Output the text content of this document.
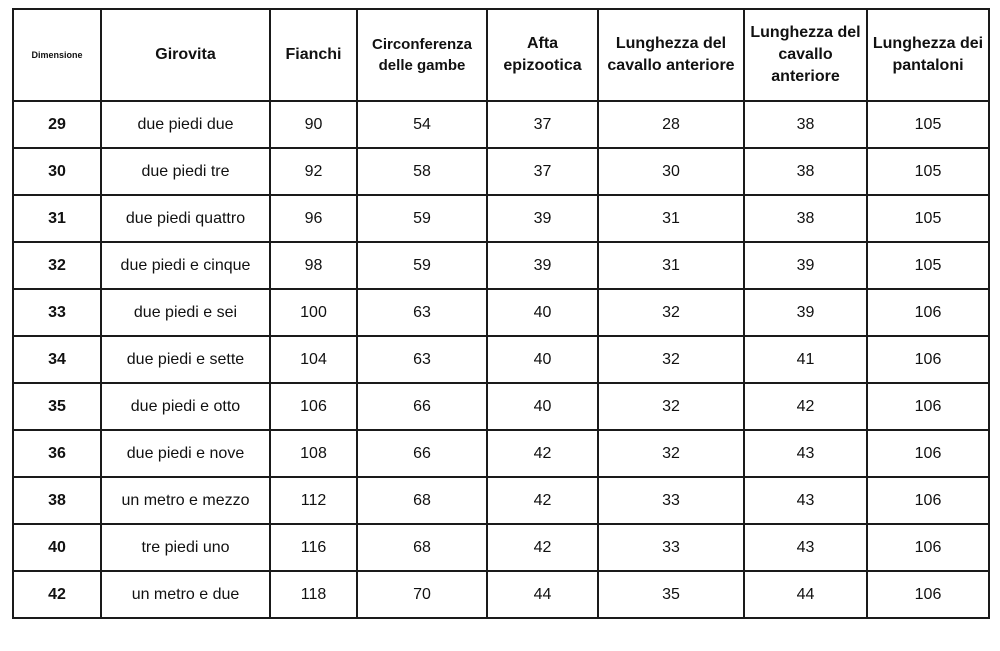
Dimensione	Girovita	Fianchi	Circonferenza delle gambe	Afta epizootica	Lunghezza del cavallo anteriore	Lunghezza del cavallo anteriore	Lunghezza dei pantaloni
29	due piedi due	90	54	37	28	38	105
30	due piedi tre	92	58	37	30	38	105
31	due piedi quattro	96	59	39	31	38	105
32	due piedi e cinque	98	59	39	31	39	105
33	due piedi e sei	100	63	40	32	39	106
34	due piedi e sette	104	63	40	32	41	106
35	due piedi e otto	106	66	40	32	42	106
36	due piedi e nove	108	66	42	32	43	106
38	un metro e mezzo	112	68	42	33	43	106
40	tre piedi uno	116	68	42	33	43	106
42	un metro e due	118	70	44	35	44	106
